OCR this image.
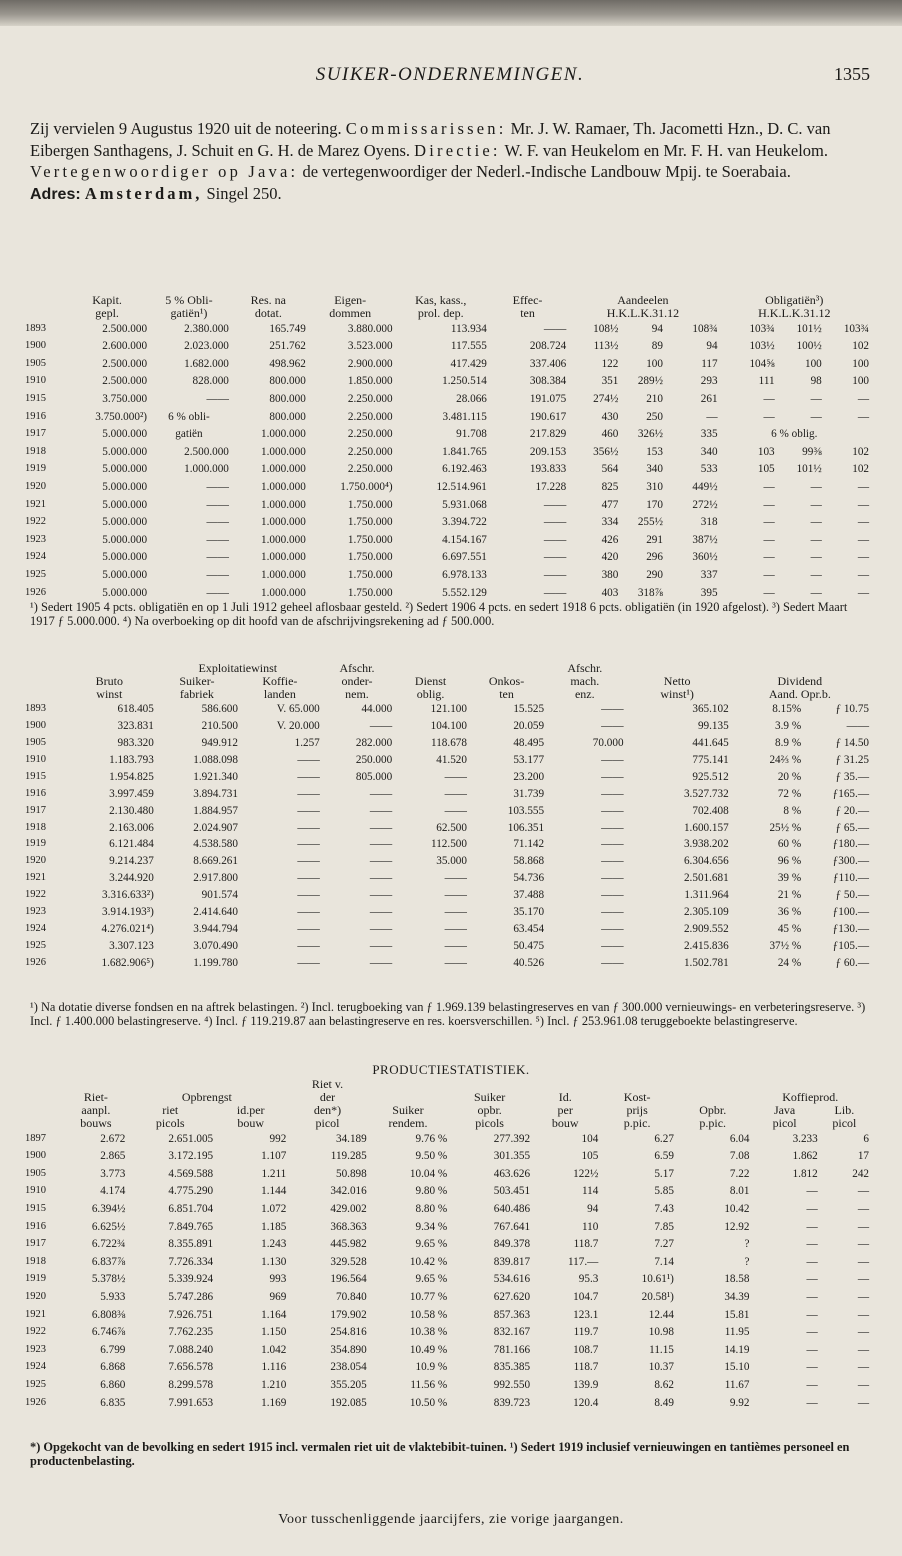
SUIKER-ONDERNEMINGEN.	1355

Zij vervielen 9 Augustus 1920 uit de noteering. Commissarissen: Mr. J. W. Ramaer, Th. Jacometti Hzn., D. C. van Eibergen Santhagens, J. Schuit en G. H. de Marez Oyens. Directie: W. F. van Heukelom en Mr. F. H. van Heukelom. Vertegenwoordiger op Java: de vertegenwoordiger der Nederl.-Indische Landbouw Mpij. te Soerabaia.

Adres: Amsterdam, Singel 250.

	Kapit.	5 % Obli-	Res. na	Eigen-	Kas, kass.,	Effec-	Aandeelen			Obligatiën³)		
	gepl.	gatiën¹)	dotat.	dommen	prol. dep.	ten	H.K.L.K.31.12			H.K.L.K.31.12		
1893	2.500.000	2.380.000	165.749	3.880.000	113.934	——	108½	94	108¾	103¾	101½	103¾
1900	2.600.000	2.023.000	251.762	3.523.000	117.555	208.724	113½	89	94	103½	100½	102
1905	2.500.000	1.682.000	498.962	2.900.000	417.429	337.406	122	100	117	104⅝	100	100
1910	2.500.000	828.000	800.000	1.850.000	1.250.514	308.384	351	289½	293	111	98	100
1915	3.750.000	——	800.000	2.250.000	28.066	191.075	274½	210	261	—	—	—
1916	3.750.000²)	6 % obli-	800.000	2.250.000	3.481.115	190.617	430	250	—	—	—	—
1917	5.000.000	gatiën	1.000.000	2.250.000	91.708	217.829	460	326½	335	6 % oblig.		
1918	5.000.000	2.500.000	1.000.000	2.250.000	1.841.765	209.153	356½	153	340	103	99⅜	102
1919	5.000.000	1.000.000	1.000.000	2.250.000	6.192.463	193.833	564	340	533	105	101½	102
1920	5.000.000	——	1.000.000	1.750.000⁴)	12.514.961	17.228	825	310	449½	—	—	—
1921	5.000.000	——	1.000.000	1.750.000	5.931.068	——	477	170	272½	—	—	—
1922	5.000.000	——	1.000.000	1.750.000	3.394.722	——	334	255½	318	—	—	—
1923	5.000.000	——	1.000.000	1.750.000	4.154.167	——	426	291	387½	—	—	—
1924	5.000.000	——	1.000.000	1.750.000	6.697.551	——	420	296	360½	—	—	—
1925	5.000.000	——	1.000.000	1.750.000	6.978.133	——	380	290	337	—	—	—
1926	5.000.000	——	1.000.000	1.750.000	5.552.129	——	403	318⅞	395	—	—	—

¹) Sedert 1905 4 pcts. obligatiën en op 1 Juli 1912 geheel aflosbaar gesteld. ²) Sedert 1906 4 pcts. en sedert 1918 6 pcts. obligatiën (in 1920 afgelost). ³) Sedert Maart 1917 ƒ 5.000.000. ⁴) Na overboeking op dit hoofd van de afschrijvingsrekening ad ƒ 500.000.

		Exploitatiewinst		Afschr.			Afschr.			
	Bruto	Suiker-	Koffie-	onder-	Dienst	Onkos-	mach.	Netto	Dividend	
	winst	fabriek	landen	nem.	oblig.	ten	enz.	winst¹)	Aand. Opr.b.	
1893	618.405	586.600	V. 65.000	44.000	121.100	15.525	——	365.102	8.15%	ƒ 10.75
1900	323.831	210.500	V. 20.000	——	104.100	20.059	——	99.135	3.9 %	——
1905	983.320	949.912	1.257	282.000	118.678	48.495	70.000	441.645	8.9 %	ƒ 14.50
1910	1.183.793	1.088.098	——	250.000	41.520	53.177	——	775.141	24⅔ %	ƒ 31.25
1915	1.954.825	1.921.340	——	805.000	——	23.200	——	925.512	20 %	ƒ 35.—
1916	3.997.459	3.894.731	——	——	——	31.739	——	3.527.732	72 %	ƒ165.—
1917	2.130.480	1.884.957	——	——	——	103.555	——	702.408	8 %	ƒ 20.—
1918	2.163.006	2.024.907	——	——	62.500	106.351	——	1.600.157	25½ %	ƒ 65.—
1919	6.121.484	4.538.580	——	——	112.500	71.142	——	3.938.202	60 %	ƒ180.—
1920	9.214.237	8.669.261	——	——	35.000	58.868	——	6.304.656	96 %	ƒ300.—
1921	3.244.920	2.917.800	——	——	——	54.736	——	2.501.681	39 %	ƒ110.—
1922	3.316.633²)	901.574	——	——	——	37.488	——	1.311.964	21 %	ƒ 50.—
1923	3.914.193³)	2.414.640	——	——	——	35.170	——	2.305.109	36 %	ƒ100.—
1924	4.276.021⁴)	3.944.794	——	——	——	63.454	——	2.909.552	45 %	ƒ130.—
1925	3.307.123	3.070.490	——	——	——	50.475	——	2.415.836	37½ %	ƒ105.—
1926	1.682.906⁵)	1.199.780	——	——	——	40.526	——	1.502.781	24 %	ƒ 60.—

¹) Na dotatie diverse fondsen en na aftrek belastingen. ²) Incl. terugboeking van ƒ 1.969.139 belastingreserves en van ƒ 300.000 vernieuwings- en verbeteringsreserve. ³) Incl. ƒ 1.400.000 belastingreserve. ⁴) Incl. ƒ 119.219.87 aan belastingreserve en res. koersverschillen. ⁵) Incl. ƒ 253.961.08 teruggeboekte belastingreserve.

PRODUCTIESTATISTIEK.
				Riet v.							
	Riet-	Opbrengst		der		Suiker	Id.	Kost-		Koffieprod.	
	aanpl.	riet	id.per	den*)	Suiker	opbr.	per	prijs	Opbr.	Java	Lib.
	bouws	picols	bouw	picol	rendem.	picols	bouw	p.pic.	p.pic.	picol	picol
1897	2.672	2.651.005	992	34.189	9.76 %	277.392	104	6.27	6.04	3.233	6
1900	2.865	3.172.195	1.107	119.285	9.50 %	301.355	105	6.59	7.08	1.862	17
1905	3.773	4.569.588	1.211	50.898	10.04 %	463.626	122½	5.17	7.22	1.812	242
1910	4.174	4.775.290	1.144	342.016	9.80 %	503.451	114	5.85	8.01	—	—
1915	6.394½	6.851.704	1.072	429.002	8.80 %	640.486	94	7.43	10.42	—	—
1916	6.625½	7.849.765	1.185	368.363	9.34 %	767.641	110	7.85	12.92	—	—
1917	6.722¾	8.355.891	1.243	445.982	9.65 %	849.378	118.7	7.27	?	—	—
1918	6.837⅞	7.726.334	1.130	329.528	10.42 %	839.817	117.—	7.14	?	—	—
1919	5.378½	5.339.924	993	196.564	9.65 %	534.616	95.3	10.61¹)	18.58	—	—
1920	5.933	5.747.286	969	70.840	10.77 %	627.620	104.7	20.58¹)	34.39	—	—
1921	6.808⅜	7.926.751	1.164	179.902	10.58 %	857.363	123.1	12.44	15.81	—	—
1922	6.746⅞	7.762.235	1.150	254.816	10.38 %	832.167	119.7	10.98	11.95	—	—
1923	6.799	7.088.240	1.042	354.890	10.49 %	781.166	108.7	11.15	14.19	—	—
1924	6.868	7.656.578	1.116	238.054	10.9 %	835.385	118.7	10.37	15.10	—	—
1925	6.860	8.299.578	1.210	355.205	11.56 %	992.550	139.9	8.62	11.67	—	—
1926	6.835	7.991.653	1.169	192.085	10.50 %	839.723	120.4	8.49	9.92	—	—

*) Opgekocht van de bevolking en sedert 1915 incl. vermalen riet uit de vlaktebibit-tuinen. ¹) Sedert 1919 inclusief vernieuwingen en tantièmes personeel en productenbelasting.

Voor tusschenliggende jaarcijfers, zie vorige jaargangen.
